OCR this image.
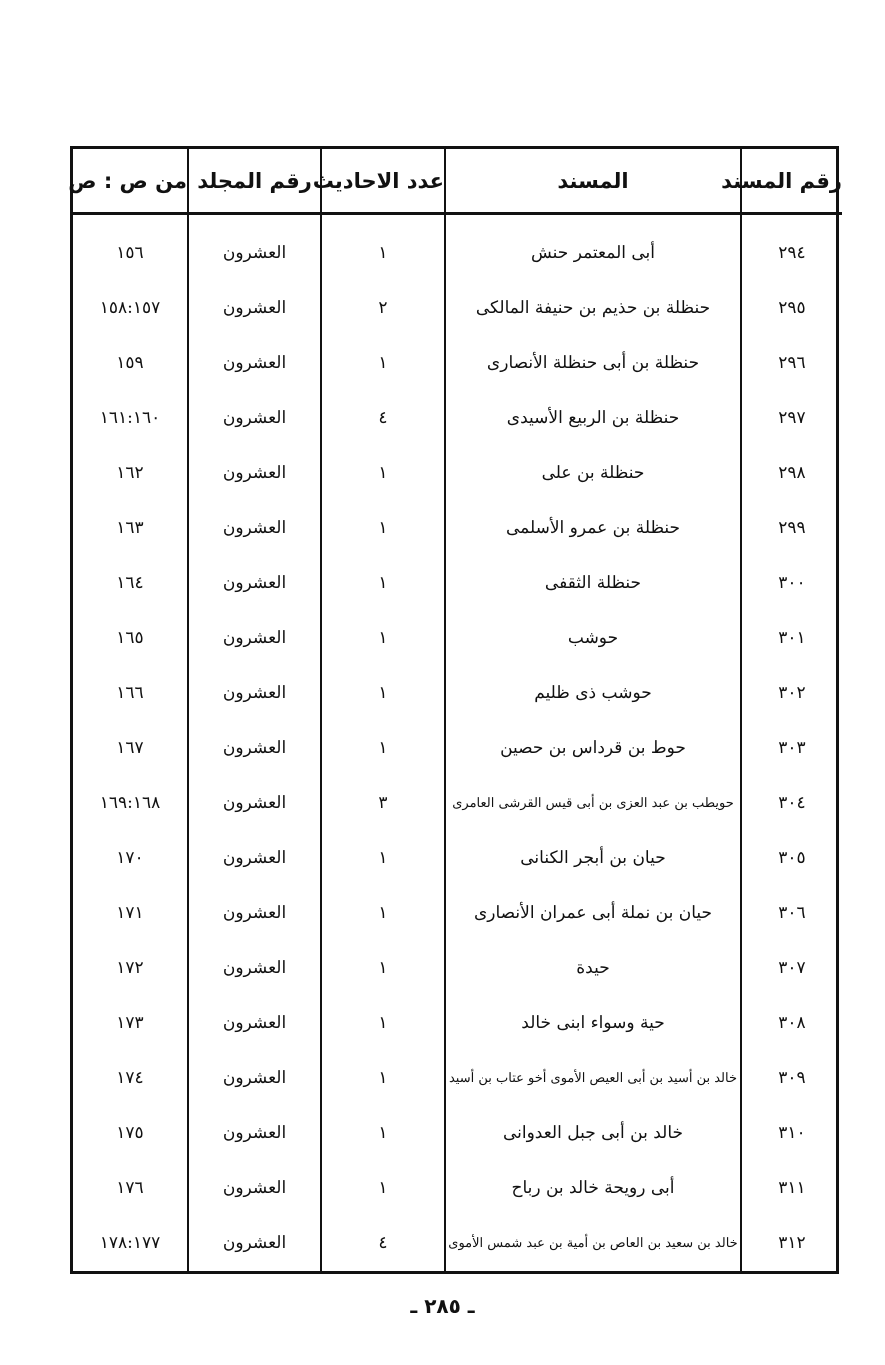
رقم المسند	المسند	عدد الاحاديث	رقم المجلد	من ص : ص
٢٩٤	أبى المعتمر حنش	١	العشرون	١٥٦
٢٩٥	حنظلة بن حذيم بن حنيفة المالكى	٢	العشرون	١٥٨:١٥٧
٢٩٦	حنظلة بن أبى حنظلة الأنصارى	١	العشرون	١٥٩
٢٩٧	حنظلة بن الربيع الأسيدى	٤	العشرون	١٦١:١٦٠
٢٩٨	حنظلة بن على	١	العشرون	١٦٢
٢٩٩	حنظلة بن عمرو الأسلمى	١	العشرون	١٦٣
٣٠٠	حنظلة الثقفى	١	العشرون	١٦٤
٣٠١	حوشب	١	العشرون	١٦٥
٣٠٢	حوشب ذى ظليم	١	العشرون	١٦٦
٣٠٣	حوط بن قرداس بن حصين	١	العشرون	١٦٧
٣٠٤	حويطب بن عبد العزى بن أبى قيس القرشى العامرى	٣	العشرون	١٦٩:١٦٨
٣٠٥	حيان بن أبجر الكنانى	١	العشرون	١٧٠
٣٠٦	حيان بن نملة أبى عمران الأنصارى	١	العشرون	١٧١
٣٠٧	حيدة	١	العشرون	١٧٢
٣٠٨	حية وسواء ابنى خالد	١	العشرون	١٧٣
٣٠٩	خالد بن أسيد بن أبى العيص الأموى أخو عتاب بن أسيد	١	العشرون	١٧٤
٣١٠	خالد بن أبى جبل العدوانى	١	العشرون	١٧٥
٣١١	أبى رويحة خالد بن رباح	١	العشرون	١٧٦
٣١٢	خالد بن سعيد بن العاص بن أمية بن عبد شمس الأموى	٤	العشرون	١٧٨:١٧٧
ـ ٢٨٥ ـ
